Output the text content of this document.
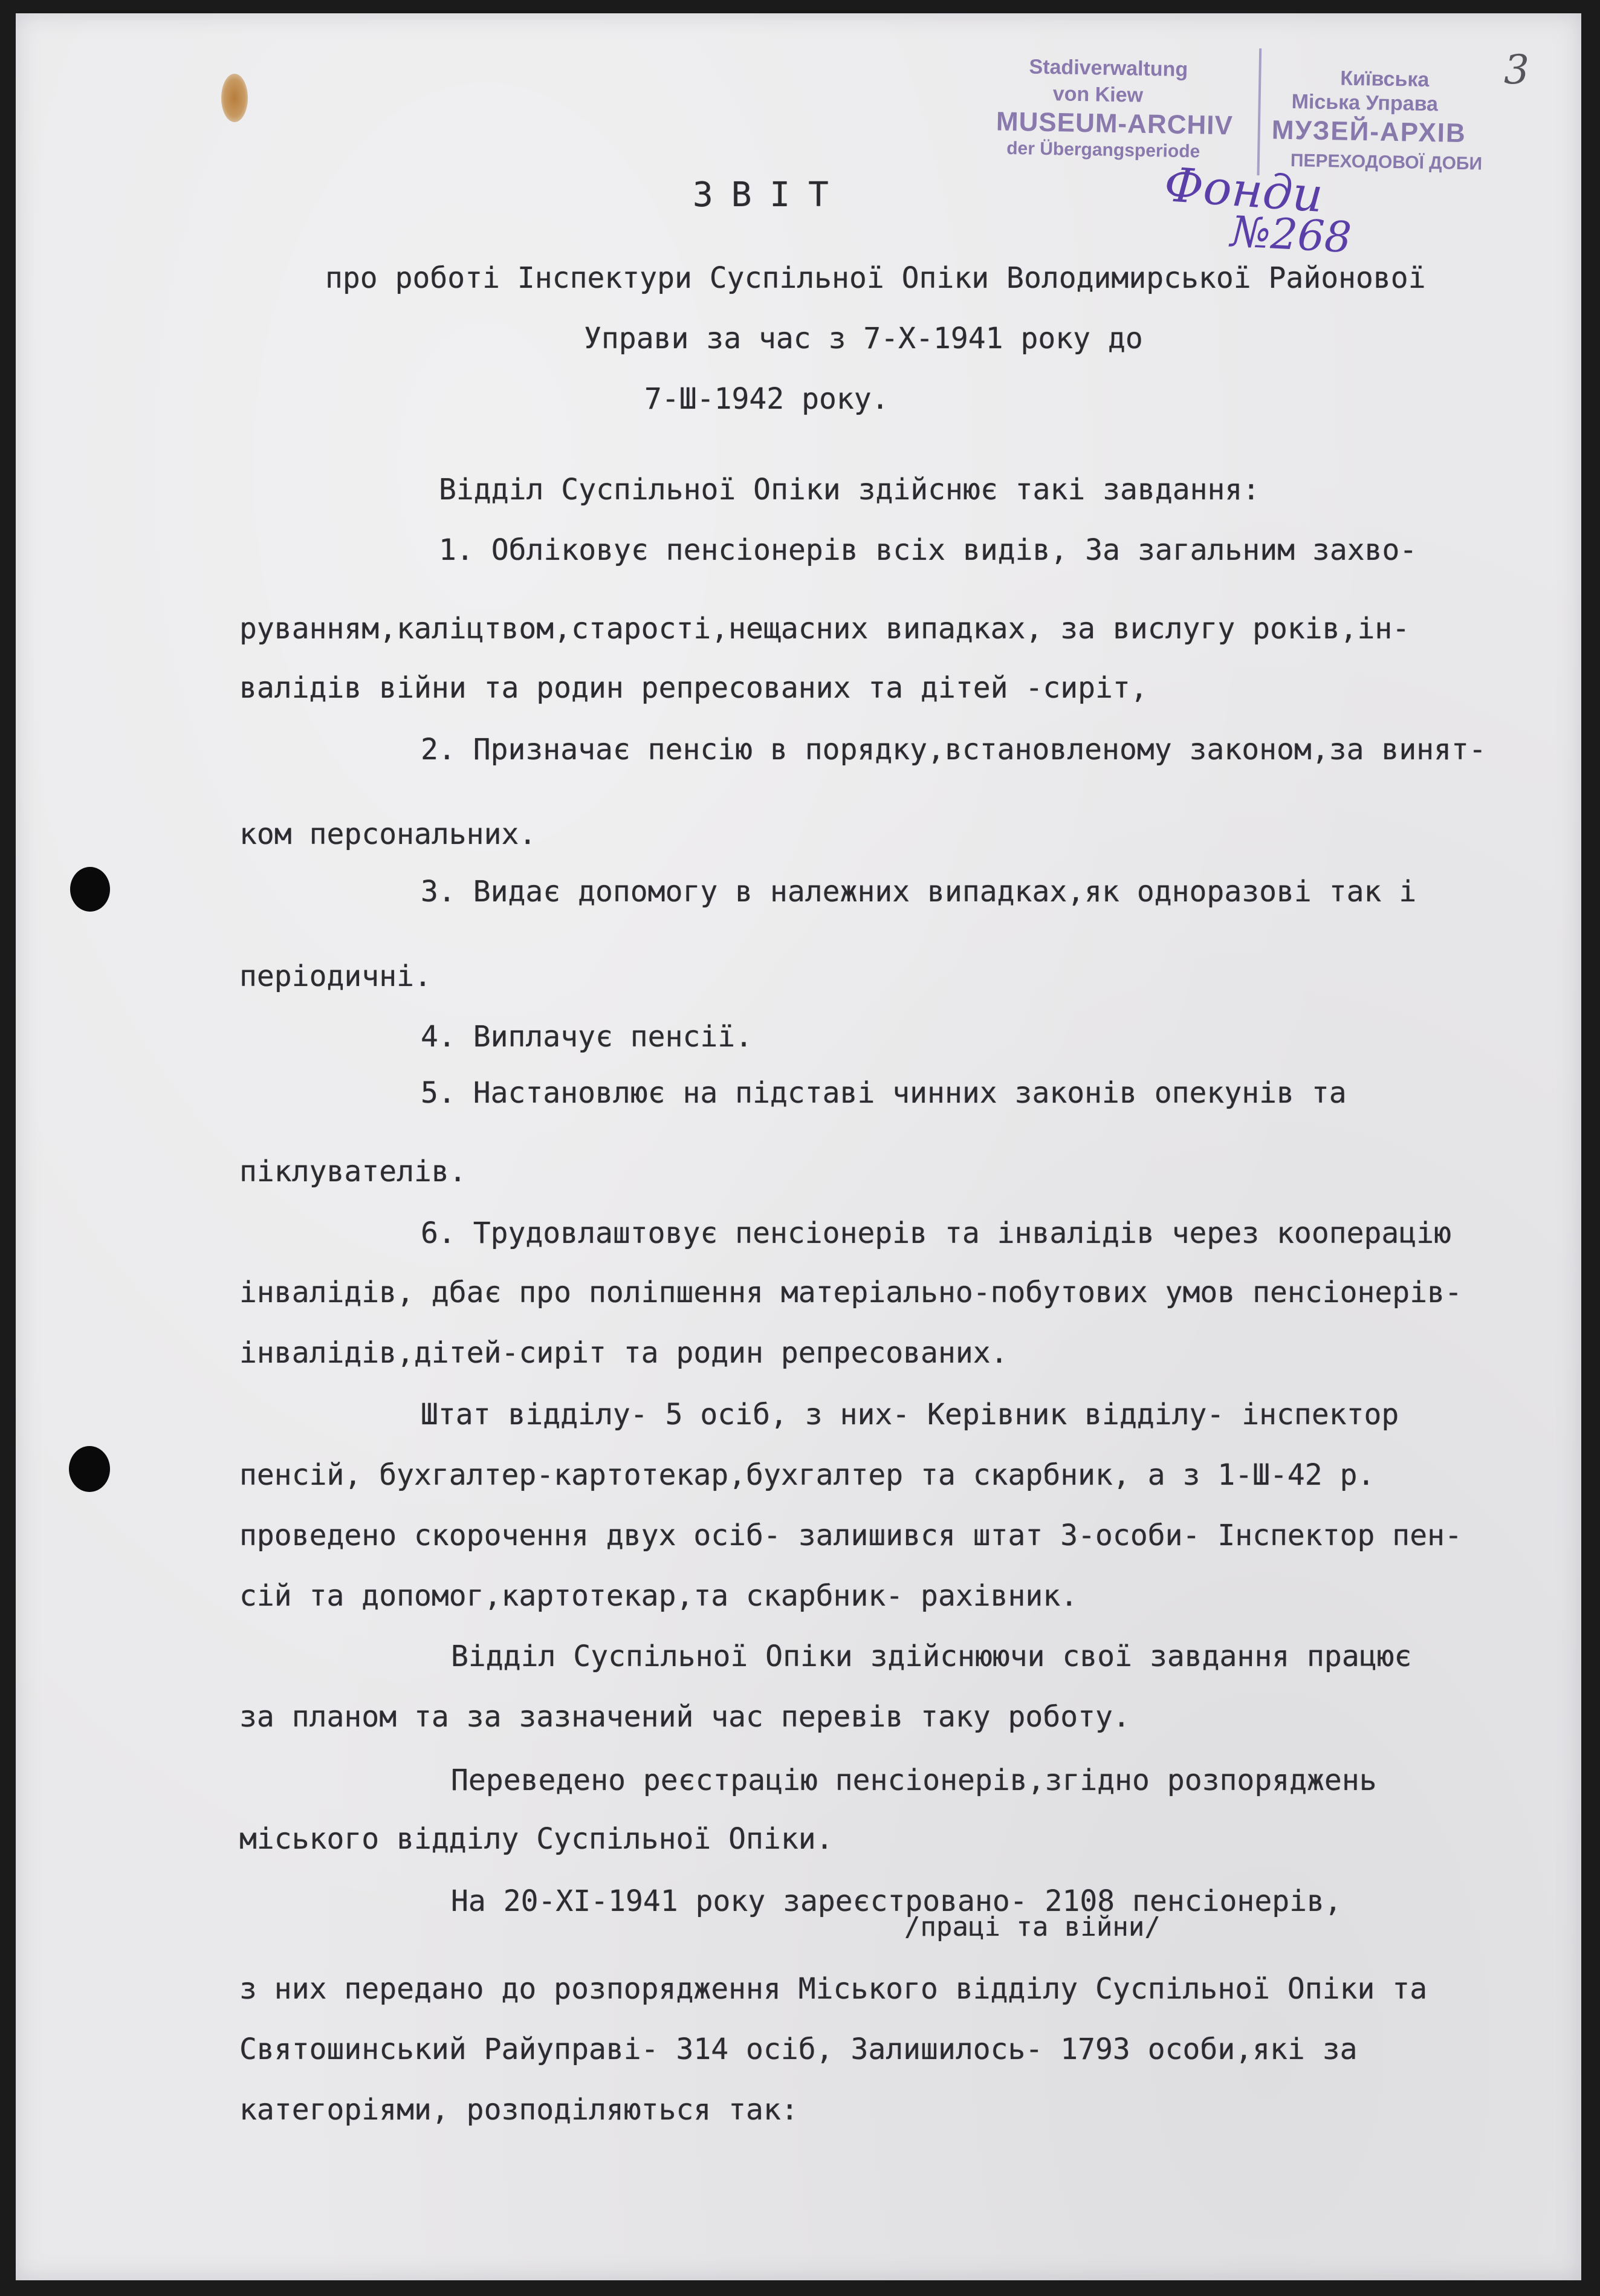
Stadiverwaltung
von Kiew
MUSEUM-ARCHIV
der Übergangsperiode
Київська
Міська Управа
МУЗЕЙ-АРХІВ
ПЕРЕХОДОВОЇ ДОБИ
3
Фонди
№268
ЗВІТ
про роботі Інспектури Суспільної Опіки Володимирської Районової
Управи за час з 7-Х-1941 року до
7-Ш-1942 року.
Відділ Суспільної Опіки здійснює такі завдання:
1. Обліковує пенсіонерів всіх видів, За загальним захво-
руванням,каліцтвом,старості,нещасних випадках, за вислугу років,ін-
валідів війни та родин репресованих та дітей -сиріт,
2. Призначає пенсію в порядку,встановленому законом,за винят-
ком персональних.
3. Видає допомогу в належних випадках,як одноразові так і
періодичні.
4. Виплачує пенсії.
5. Настановлює на підставі чинних законів опекунів та
піклувателів.
6. Трудовлаштовує пенсіонерів та інвалідів через кооперацію
інвалідів, дбає про поліпшення матеріально-побутових умов пенсіонерів-
інвалідів,дітей-сиріт та родин репресованих.
Штат відділу- 5 осіб, з них- Керівник відділу- інспектор
пенсій, бухгалтер-картотекар,бухгалтер та скарбник, а з 1-Ш-42 р.
проведено скорочення двух осіб- залишився штат 3-особи- Інспектор пен-
сій та допомог,картотекар,та скарбник- рахівник.
Відділ Суспільної Опіки здійснюючи свої завдання працює
за планом та за зазначений час перевів таку роботу.
Переведено реєстрацію пенсіонерів,згідно розпоряджень
міського відділу Суспільної Опіки.
На 20-ХІ-1941 року зареєстровано- 2108 пенсіонерів,
/праці та війни/
з них передано до розпорядження Міського відділу Суспільної Опіки та
Святошинський Райуправі- 314 осіб, Залишилось- 1793 особи,які за
категоріями, розподіляються так:
